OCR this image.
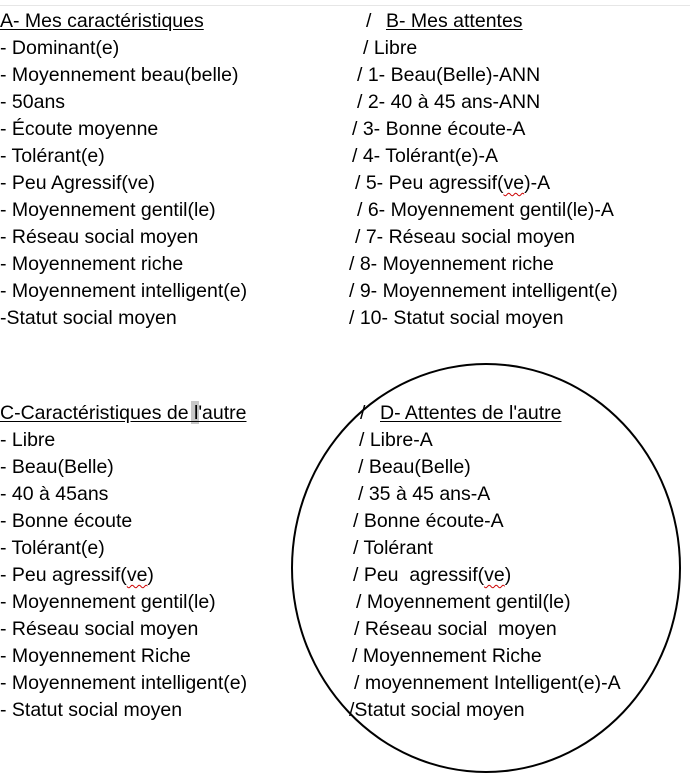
A- Mes caractéristiques	/ B- Mes attentes
- Dominant(e)
- Moyennement beau(belle)
- 50ans
- Écoute moyenne
- Tolérant(e)
- Peu Agressif(ve)
- Moyennement gentil(le)
- Réseau social moyen
- Moyennement riche
- Moyennement intelligent(e)
-Statut social moyen
/ Libre
/ 1- Beau(Belle)-ANN
/ 2- 40 à 45 ans-ANN
/ 3- Bonne écoute-A
/ 4- Tolérant(e)-A
/ 5- Peu agressif(ve)-A
/ 6- Moyennement gentil(le)-A
/ 7- Réseau social moyen
/ 8- Moyennement riche
/ 9- Moyennement intelligent(e)
/ 10- Statut social moyen
C-Caractéristiques de l'autre	/ D- Attentes de l'autre
- Libre
- Beau(Belle)
- 40 à 45ans
- Bonne écoute
- Tolérant(e)
- Peu agressif(ve)
- Moyennement gentil(le)
- Réseau social moyen
- Moyennement Riche
- Moyennement intelligent(e)
- Statut social moyen
/ Libre-A
/ Beau(Belle)
/ 35 à 45 ans-A
/ Bonne écoute-A
/ Tolérant
/ Peu  agressif(ve)
/ Moyennement gentil(le)
/ Réseau social  moyen
/ Moyennement Riche
/ moyennement Intelligent(e)-A
/Statut social moyen
